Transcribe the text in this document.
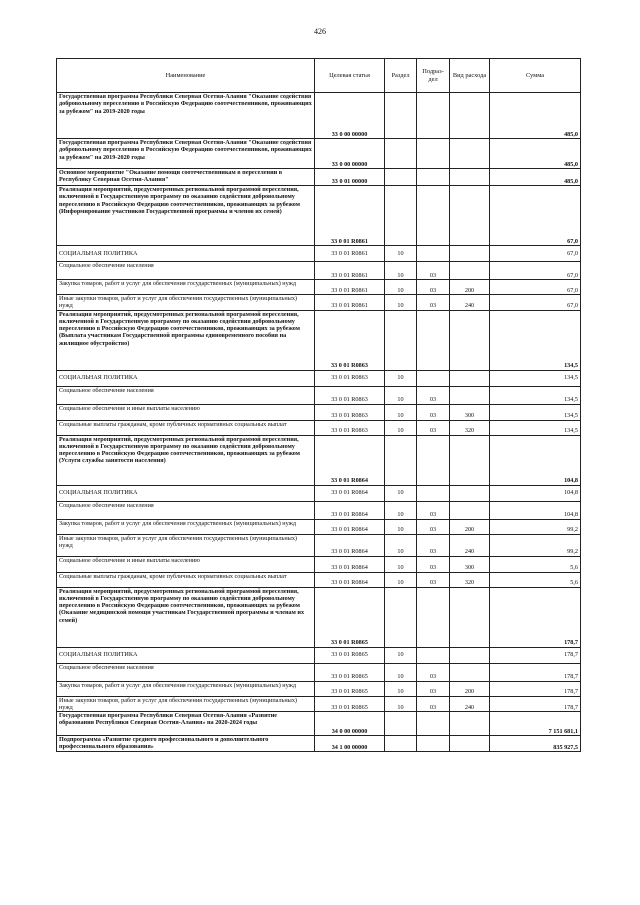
426
Наименование	Целевая статья	Раздел	Подраз-дел	Вид расхода	Сумма
Государственная программа Республики Северная Осетия-Алания "Оказание содействия добровольному переселению в Российскую Федерацию соотечественников, проживающих за рубежом" на 2019-2020 годы	33 0 00 00000				485,0
Государственная программа Республики Северная Осетия-Алания "Оказание содействия добровольному переселению в Российскую Федерацию соотечественников, проживающих за рубежом" на 2019-2020 годы	33 0 00 00000				485,0
Основное мероприятие "Оказание помощи соотечественникам в переселении в Республику Северная Осетия-Алания"	33 0 01 00000				485,0
Реализация мероприятий, предусмотренных региональной программой переселения, включенной в Государственную программу по оказанию содействия добровольному переселению в Российскую Федерацию соотечественников, проживающих за рубежом (Информирование участников Государственной программы и членов их семей)	33 0 01 R0861				67,0
СОЦИАЛЬНАЯ ПОЛИТИКА	33 0 01 R0861	10			67,0
Социальное обеспечение населения	33 0 01 R0861	10	03		67,0
Закупка товаров, работ и услуг для обеспечения государственных (муниципальных) нужд	33 0 01 R0861	10	03	200	67,0
Иные закупки товаров, работ и услуг для обеспечения государственных (муниципальных) нужд	33 0 01 R0861	10	03	240	67,0
Реализация мероприятий, предусмотренных региональной программой переселения, включенной в Государственную программу по оказанию содействия добровольному переселению в Российскую Федерацию соотечественников, проживающих за рубежом (Выплата участникам Государственной программы единовременного пособия на жилищное обустройство)	33 0 01 R0863				134,5
СОЦИАЛЬНАЯ ПОЛИТИКА	33 0 01 R0863	10			134,5
Социальное обеспечение населения	33 0 01 R0863	10	03		134,5
Социальное обеспечение и иные выплаты населению	33 0 01 R0863	10	03	300	134,5
Социальные выплаты гражданам, кроме публичных нормативных социальных выплат	33 0 01 R0863	10	03	320	134,5
Реализация мероприятий, предусмотренных региональной программой переселения, включенной в Государственную программу по оказанию содействия добровольному переселению в Российскую Федерацию соотечественников, проживающих за рубежом (Услуги службы занятости населения)	33 0 01 R0864				104,8
СОЦИАЛЬНАЯ ПОЛИТИКА	33 0 01 R0864	10			104,8
Социальное обеспечение населения	33 0 01 R0864	10	03		104,8
Закупка товаров, работ и услуг для обеспечения государственных (муниципальных) нужд	33 0 01 R0864	10	03	200	99,2
Иные закупки товаров, работ и услуг для обеспечения государственных (муниципальных) нужд	33 0 01 R0864	10	03	240	99,2
Социальное обеспечение и иные выплаты населению	33 0 01 R0864	10	03	300	5,6
Социальные выплаты гражданам, кроме публичных нормативных социальных выплат	33 0 01 R0864	10	03	320	5,6
Реализация мероприятий, предусмотренных региональной программой переселения, включенной в Государственную программу по оказанию содействия добровольному переселению в Российскую Федерацию соотечественников, проживающих за рубежом (Оказание медицинской помощи участникам Государственной программы и членам их семей)	33 0 01 R0865				178,7
СОЦИАЛЬНАЯ ПОЛИТИКА	33 0 01 R0865	10			178,7
Социальное обеспечение населения	33 0 01 R0865	10	03		178,7
Закупка товаров, работ и услуг для обеспечения государственных (муниципальных) нужд	33 0 01 R0865	10	03	200	178,7
Иные закупки товаров, работ и услуг для обеспечения государственных (муниципальных) нужд	33 0 01 R0865	10	03	240	178,7
Государственная программа Республики Северная Осетия-Алания «Развитие образования Республики Северная Осетия-Алания» на 2020-2024 годы	34 0 00 00000				7 151 681,1
Подпрограмма «Развитие среднего профессионального и дополнительного профессионального образования»	34 1 00 00000				835 927,5
